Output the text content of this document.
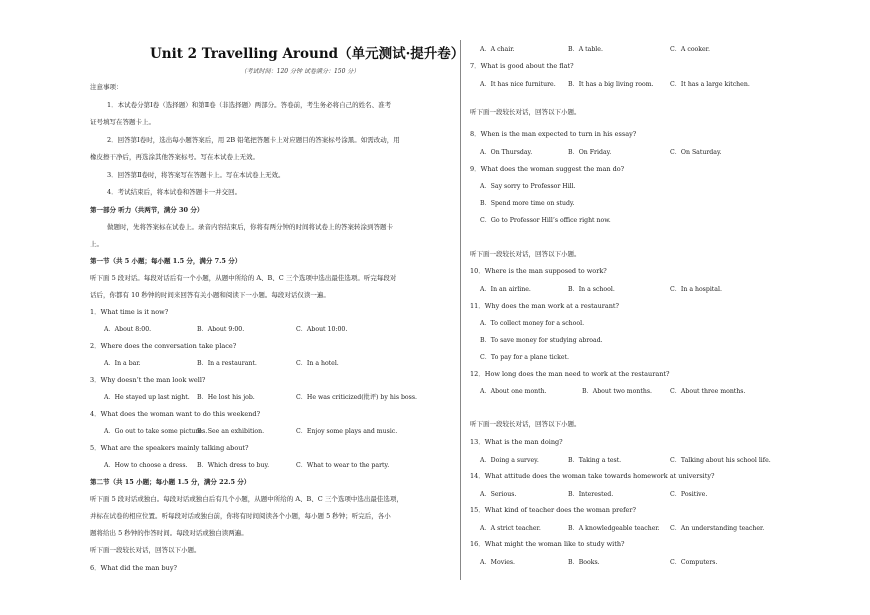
Unit 2 Travelling Around（单元测试·提升卷）
（考试时间：120 分钟 试卷满分：150 分）
注意事项：
1．本试卷分第Ⅰ卷（选择题）和第Ⅱ卷（非选择题）两部分。答卷前，考生务必将自己的姓名、准考
证号填写在答题卡上。
2．回答第Ⅰ卷时，选出每小题答案后，用 2B 铅笔把答题卡上对应题目的答案标号涂黑。如需改动，用
橡皮擦干净后，再选涂其他答案标号。写在本试卷上无效。
3．回答第Ⅱ卷时，将答案写在答题卡上。写在本试卷上无效。
4．考试结束后，将本试卷和答题卡一并交回。
第一部分 听力（共两节，满分 30 分）
做题时，先将答案标在试卷上。录音内容结束后，你将有两分钟的时间将试卷上的答案转涂到答题卡
上。
第一节（共 5 小题；每小题 1.5 分，满分 7.5 分）
听下面 5 段对话。每段对话后有一个小题，从题中所给的 A、B、C 三个选项中选出最佳选项。听完每段对
话后，你都有 10 秒钟的时间来回答有关小题和阅读下一小题。每段对话仅读一遍。
1．What time is it now?
A．About 8:00.	B．About 9:00.	C．About 10:00.
2．Where does the conversation take place?
A．In a bar.	B．In a restaurant.	C．In a hotel.
3．Why doesn’t the man look well?
A．He stayed up last night. B．He lost his job.	C．He was criticized(批评) by his boss.
4．What does the woman want to do this weekend?
A．Go out to take some pictures.
B．See an exhibition.	C．Enjoy some plays and music.
5．What are the speakers mainly talking about?
A．How to choose a dress. B．Which dress to buy.	C．What to wear to the party.
第二节（共 15 小题；每小题 1.5 分，满分 22.5 分）
听下面 5 段对话或独白。每段对话或独白后有几个小题，从题中所给的 A、B、C 三个选项中选出最佳选项，
并标在试卷的相应位置。听每段对话或独白前，你将有时间阅读各个小题，每小题 5 秒钟；听完后，各小
题将给出 5 秒钟的作答时间。每段对话或独白读两遍。
听下面一段较长对话，回答以下小题。
6．What did the man buy?
A．A chair.	B．A table.	C．A cooker.
7．What is good about the flat?
A．It has nice furniture. B．It has a big living room.	C．It has a large kitchen.
听下面一段较长对话，回答以下小题。
8．When is the man expected to turn in his essay?
A．On Thursday.	B．On Friday.	C．On Saturday.
9．What does the woman suggest the man do?
A．Say sorry to Professor Hill.
B．Spend more time on study.
C．Go to Professor Hill’s office right now.
听下面一段较长对话，回答以下小题。
10．Where is the man supposed to work?
A．In an airline.	B．In a school.	C．In a hospital.
11．Why does the man work at a restaurant?
A．To collect money for a school.
B．To save money for studying abroad.
C．To pay for a plane ticket.
12．How long does the man need to work at the restaurant?
A．About one month.	B．About two months.	C．About three months.
听下面一段较长对话，回答以下小题。
13．What is the man doing?
A．Doing a survey.	B．Taking a test.	C．Talking about his school life.
14．What attitude does the woman take towards homework at university?
A．Serious.	B．Interested.	C．Positive.
15．What kind of teacher does the woman prefer?
A．A strict teacher.	B．A knowledgeable teacher. C．An understanding teacher.
16．What might the woman like to study with?
A．Movies.	B．Books.	C．Computers.
